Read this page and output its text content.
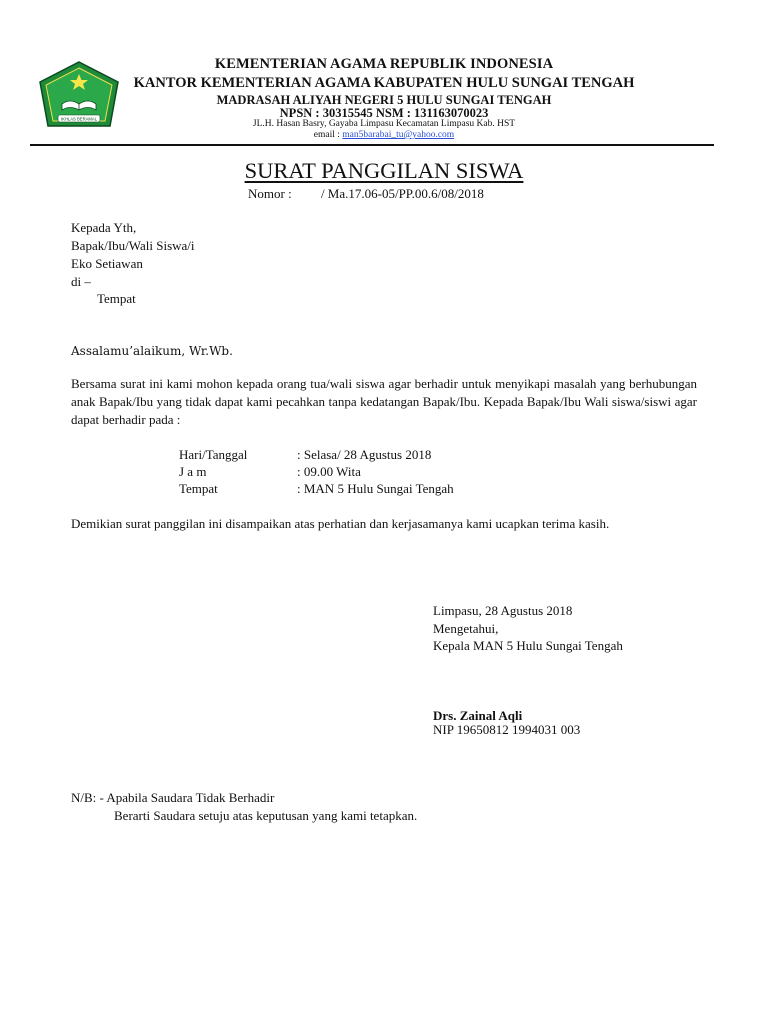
IKHLAS BERAMAL
KEMENTERIAN AGAMA REPUBLIK INDONESIA
KANTOR KEMENTERIAN AGAMA KABUPATEN HULU SUNGAI TENGAH
MADRASAH ALIYAH NEGERI 5 HULU SUNGAI TENGAH
NPSN : 30315545 NSM : 131163070023
JL.H. Hasan Basry, Gayaba Limpasu Kecamatan Limpasu Kab. HST
email : man5barabai_tu@yahoo.com
SURAT PANGGILAN SISWA
Nomor :         / Ma.17.06-05/PP.00.6/08/2018
Kepada Yth,
Bapak/Ibu/Wali Siswa/i
Eko Setiawan
di –
Tempat
Assalamu’alaikum, Wr.Wb.
Bersama surat ini kami mohon kepada orang tua/wali siswa agar berhadir untuk menyikapi masalah yang berhubungan anak Bapak/Ibu yang tidak dapat kami pecahkan tanpa kedatangan Bapak/Ibu. Kepada Bapak/Ibu Wali siswa/siswi agar dapat berhadir pada :
Hari/Tanggal	: Selasa/ 28 Agustus 2018
J a m	: 09.00 Wita
Tempat	: MAN 5 Hulu Sungai Tengah
Demikian surat panggilan ini disampaikan atas perhatian dan kerjasamanya kami ucapkan terima kasih.
Limpasu, 28 Agustus 2018
Mengetahui,
Kepala MAN 5 Hulu Sungai Tengah
Drs. Zainal Aqli
NIP 19650812 1994031 003
N/B: - Apabila Saudara Tidak Berhadir
Berarti Saudara setuju atas keputusan yang kami tetapkan.
